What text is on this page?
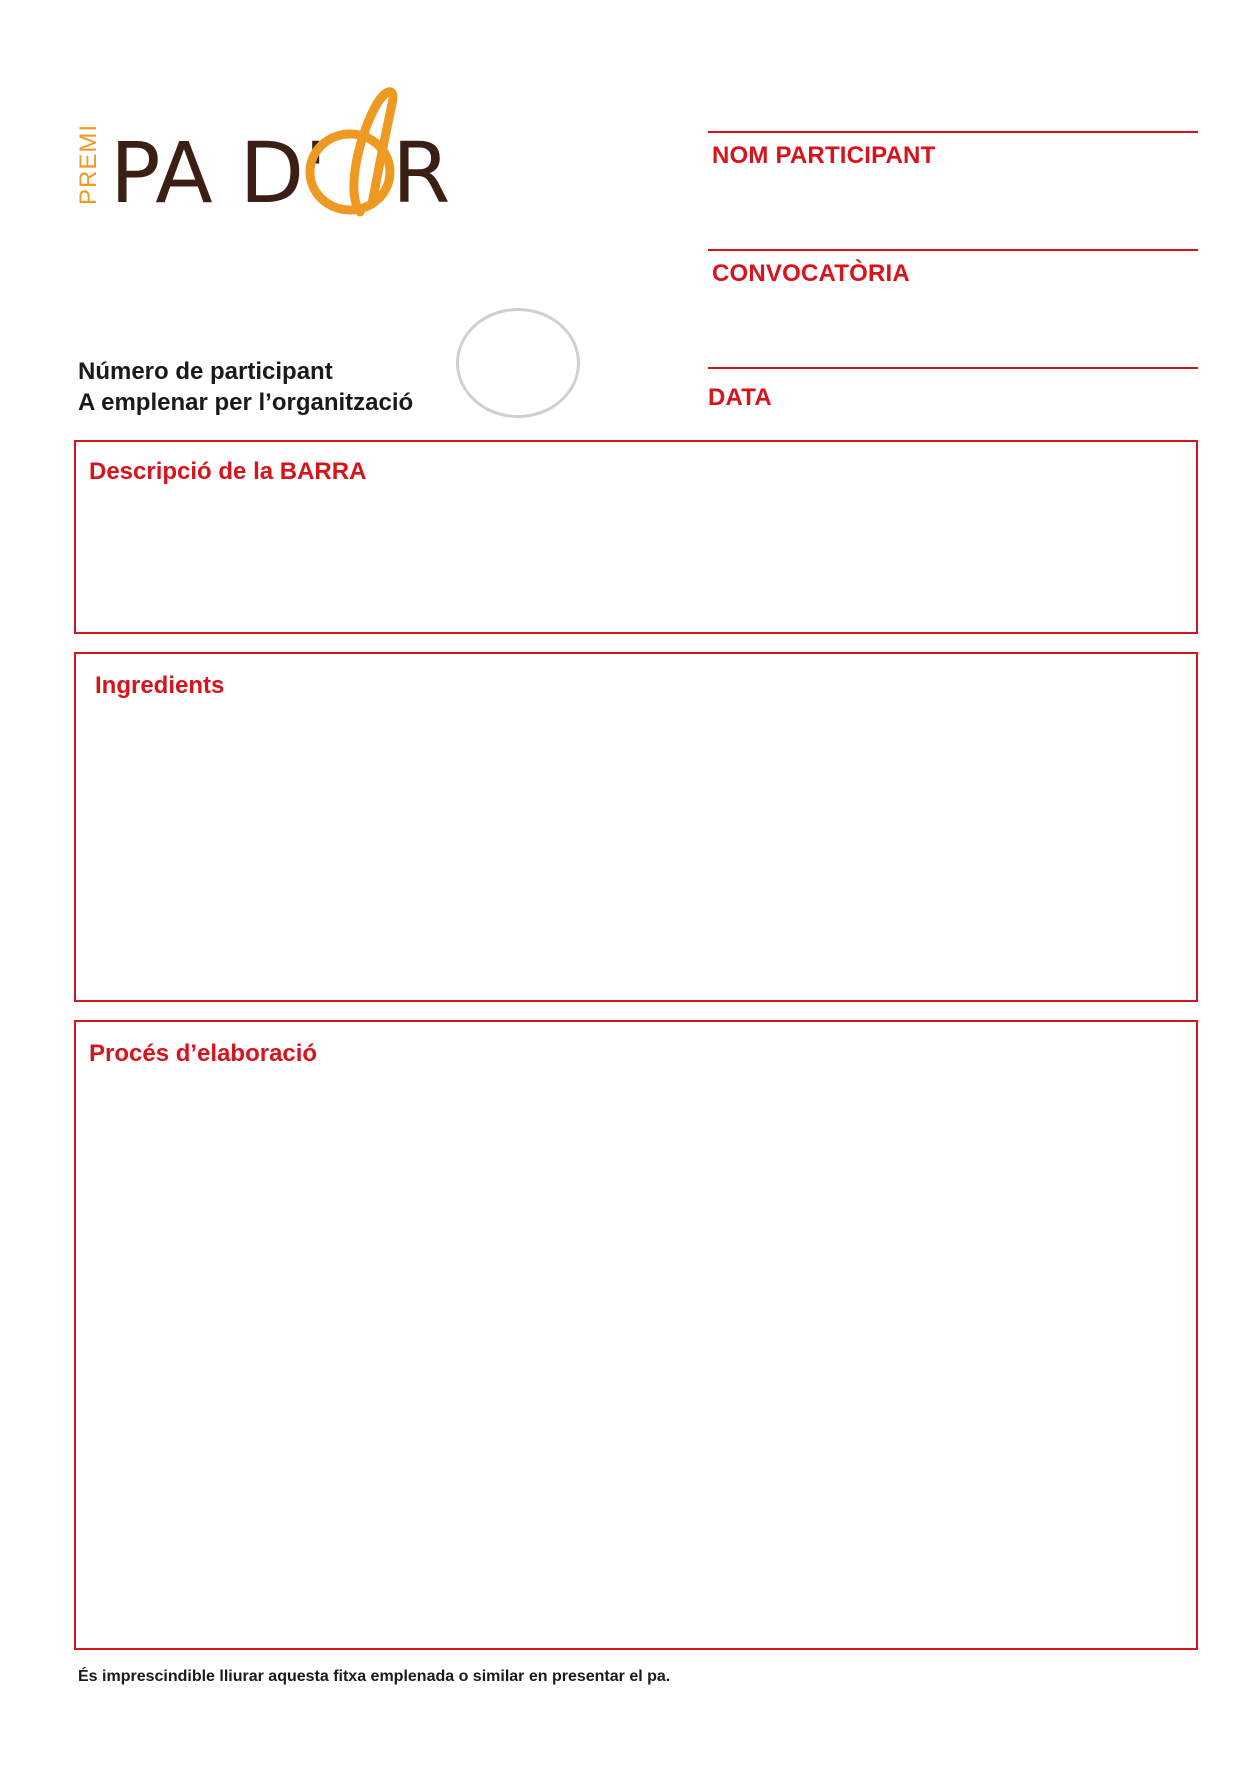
PREMI PA D' R	NOM PARTICIPANT
CONVOCATÒRIA
DATA
Número de participant
A emplenar per l’organització
Descripció de la BARRA
Ingredients
Procés d’elaboració
És imprescindible lliurar aquesta fitxa emplenada o similar en presentar el pa.
